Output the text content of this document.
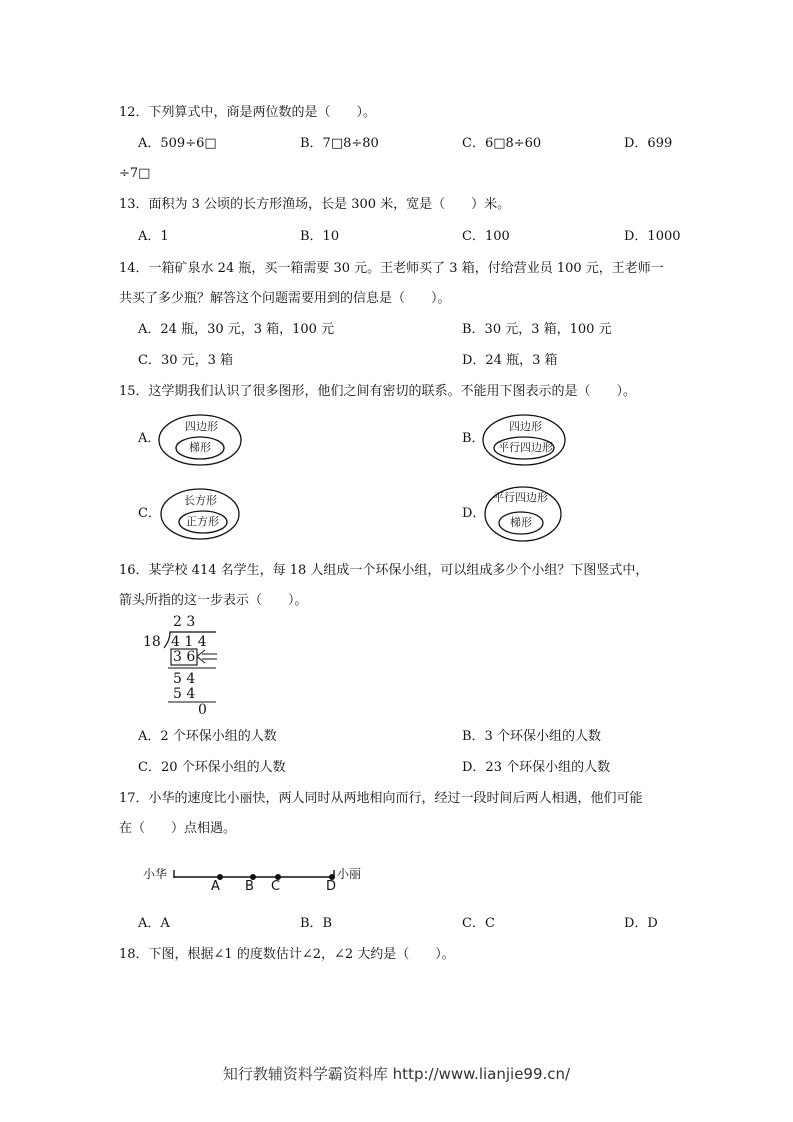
12．下列算式中，商是两位数的是（　　）。
A．509÷6□	B．7□8÷80	C．6□8÷60	D．699
÷7□
13．面积为 3 公顷的长方形渔场，长是 300 米，宽是（　　）米。
A．1	B．10	C．100	D．1000
14．一箱矿泉水 24 瓶，买一箱需要 30 元。王老师买了 3 箱，付给营业员 100 元，王老师一
共买了多少瓶？解答这个问题需要用到的信息是（　　）。
A．24 瓶，30 元，3 箱，100 元	B．30 元，3 箱，100 元
C．30 元，3 箱	D．24 瓶，3 箱
15．这学期我们认识了很多图形，他们之间有密切的联系。不能用下图表示的是（　　）。
A．
四边形
梯形
B．
四边形
平行四边形
C．
长方形
正方形
D．
平行四边形
梯形
16．某学校 414 名学生，每 18 人组成一个环保小组，可以组成多少个小组？下图竖式中，
箭头所指的这一步表示（　　）。
2 3
18 4 1 4
3 6
5 4
5 4
0
A．2 个环保小组的人数	B．3 个环保小组的人数
C．20 个环保小组的人数	D．23 个环保小组的人数
17．小华的速度比小丽快，两人同时从两地相向而行，经过一段时间后两人相遇，他们可能
在（　　）点相遇。
小华	小丽
A B C	D
A．A	B．B	C．C	D．D
18．下图，根据∠1 的度数估计∠2，∠2 大约是（　　）。
知行教辅资料学霸资料库 http://www.lianjie99.cn/
